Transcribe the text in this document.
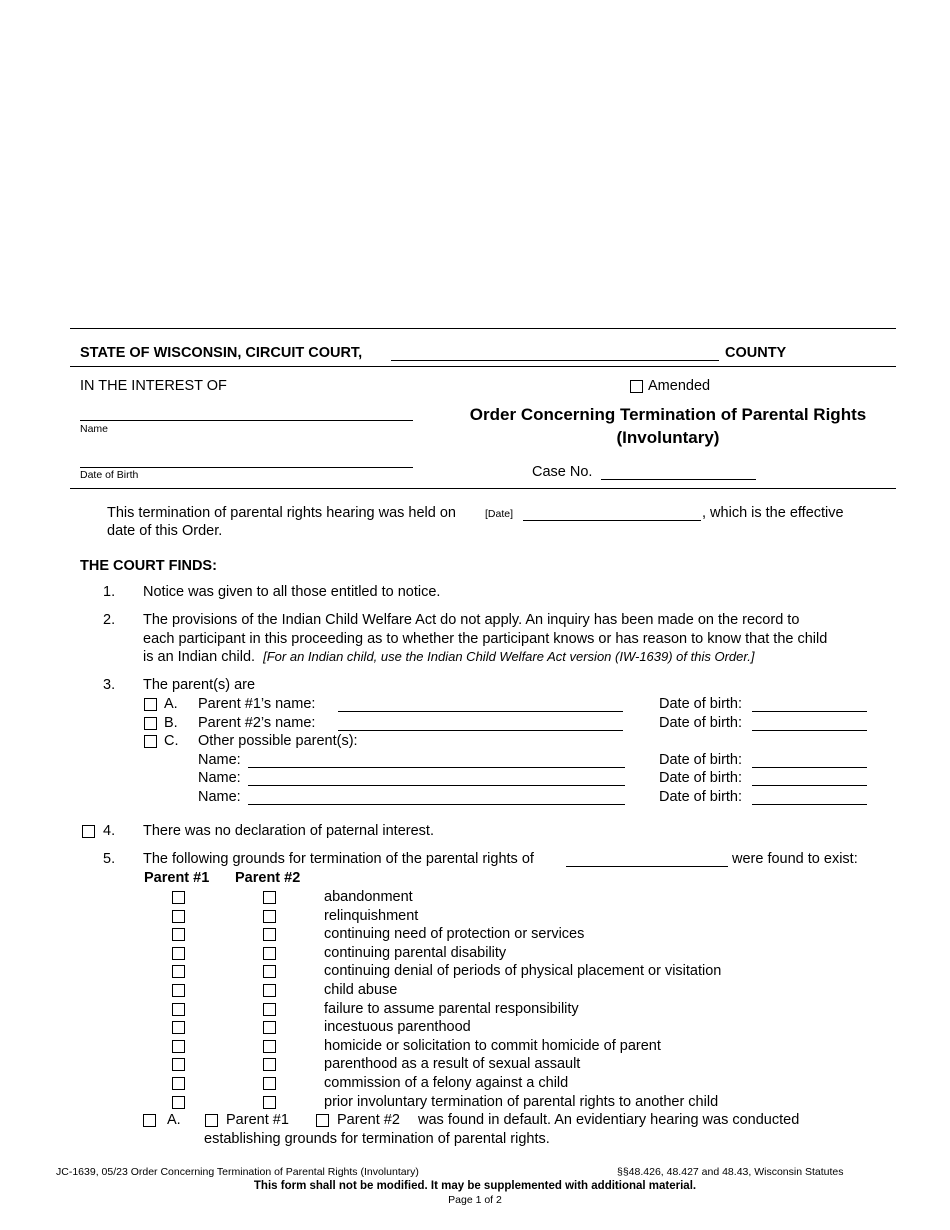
STATE OF WISCONSIN, CIRCUIT COURT,	COUNTY
IN THE INTEREST OF	Amended
Name
Date of Birth
Order Concerning Termination of Parental Rights
(Involuntary)
Case No.
This termination of parental rights hearing was held on	[Date]	, which is the effective
date of this Order.
THE COURT FINDS:
1. Notice was given to all those entitled to notice.
2. The provisions of the Indian Child Welfare Act do not apply. An inquiry has been made on the record to
each participant in this proceeding as to whether the participant knows or has reason to know that the child
is an Indian child. [For an Indian child, use the Indian Child Welfare Act version (IW-1639) of this Order.]
3. The parent(s) are
A. Parent #1’s name:	Date of birth:
B. Parent #2’s name:	Date of birth:
C. Other possible parent(s):
Name:	Date of birth:
Name:	Date of birth:
Name:	Date of birth:
4. There was no declaration of paternal interest.
5. The following grounds for termination of the parental rights of	were found to exist:
Parent #1 Parent #2
abandonment
relinquishment
continuing need of protection or services
continuing parental disability
continuing denial of periods of physical placement or visitation
child abuse
failure to assume parental responsibility
incestuous parenthood
homicide or solicitation to commit homicide of parent
parenthood as a result of sexual assault
commission of a felony against a child
prior involuntary termination of parental rights to another child
A.	Parent #1	Parent #2 was found in default. An evidentiary hearing was conducted
establishing grounds for termination of parental rights.
JC-1639, 05/23 Order Concerning Termination of Parental Rights (Involuntary)	§§48.426, 48.427 and 48.43, Wisconsin Statutes
This form shall not be modified. It may be supplemented with additional material.
Page 1 of 2
